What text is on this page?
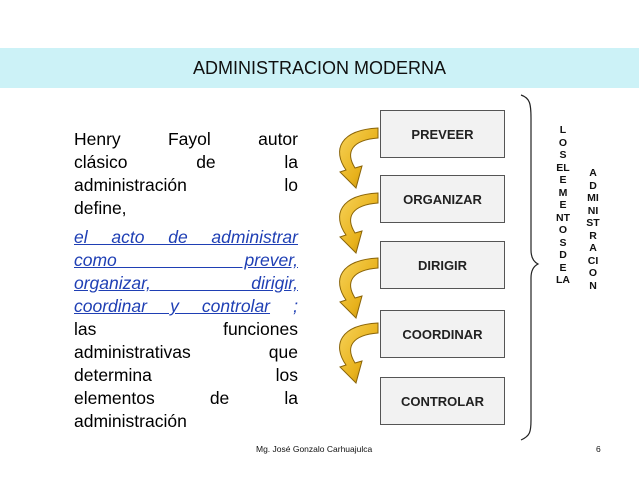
ADMINISTRACION MODERNA

Henry Fayol autor

clásico de la

administración lo

define,

el acto de administrar

como prever,

organizar, dirigir,

coordinar y controlar ;

las funciones

administrativas que

determina los

elementos de la

administración

PREVEER
ORGANIZAR
DIRIGIR
COORDINAR
CONTROLAR
LOS ELEMENTOS DE LA
ADMINISTRACION
Mg. José Gonzalo Carhuajulca	6
